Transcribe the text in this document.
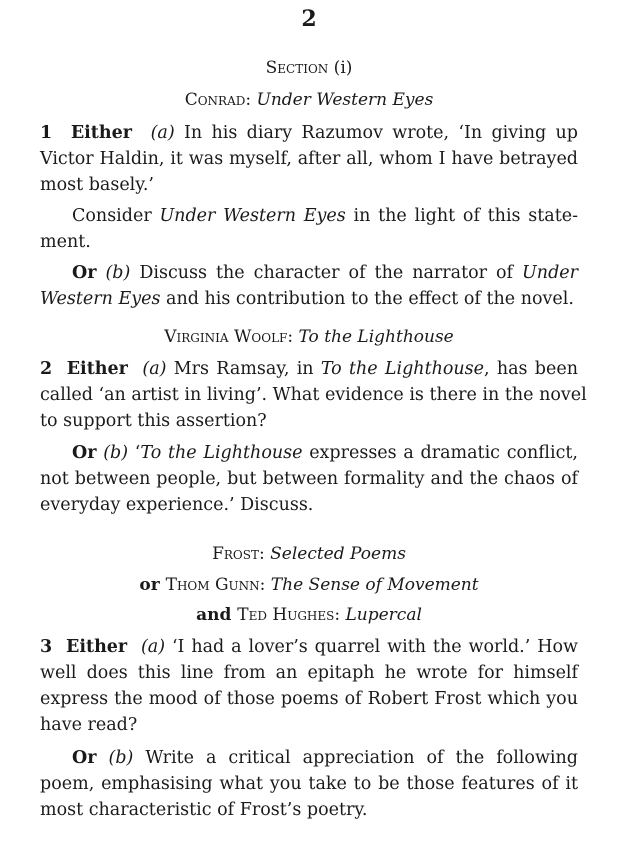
2
Section (i)
Conrad: Under Western Eyes
1 Either (a) In his diary Razumov wrote, ‘In giving up
Victor Haldin, it was myself, after all, whom I have betrayed
most basely.’
Consider Under Western Eyes in the light of this state-
ment.
Or (b) Discuss the character of the narrator of Under
Western Eyes and his contribution to the effect of the novel.
Virginia Woolf: To the Lighthouse
2 Either (a) Mrs Ramsay, in To the Lighthouse, has been
called ‘an artist in living’. What evidence is there in the novel
to support this assertion?
Or (b) ‘To the Lighthouse expresses a dramatic conflict,
not between people, but between formality and the chaos of
everyday experience.’ Discuss.
Frost: Selected Poems
or Thom Gunn: The Sense of Movement
and Ted Hughes: Lupercal
3 Either (a) ‘I had a lover’s quarrel with the world.’ How
well does this line from an epitaph he wrote for himself
express the mood of those poems of Robert Frost which you
have read?
Or (b) Write a critical appreciation of the following
poem, emphasising what you take to be those features of it
most characteristic of Frost’s poetry.
